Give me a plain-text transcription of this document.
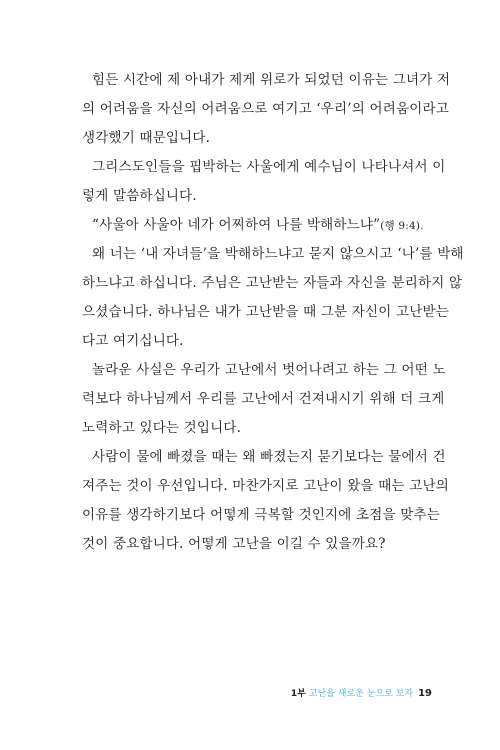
힘든 시간에 제 아내가 제게 위로가 되었던 이유는 그녀가 저
의 어려움을 자신의 어려움으로 여기고 ‘우리’의 어려움이라고
생각했기 때문입니다.
그리스도인들을 핍박하는 사울에게 예수님이 나타나셔서 이
렇게 말씀하십니다.
“사울아 사울아 네가 어찌하여 나를 박해하느냐”(행 9:4).
왜 너는 ‘내 자녀들’을 박해하느냐고 묻지 않으시고 ‘나’를 박해
하느냐고 하십니다. 주님은 고난받는 자들과 자신을 분리하지 않
으셨습니다. 하나님은 내가 고난받을 때 그분 자신이 고난받는
다고 여기십니다.
놀라운 사실은 우리가 고난에서 벗어나려고 하는 그 어떤 노
력보다 하나님께서 우리를 고난에서 건져내시기 위해 더 크게
노력하고 있다는 것입니다.
사람이 물에 빠졌을 때는 왜 빠졌는지 묻기보다는 물에서 건
져주는 것이 우선입니다. 마찬가지로 고난이 왔을 때는 고난의
이유를 생각하기보다 어떻게 극복할 것인지에 초점을 맞추는
것이 중요합니다. 어떻게 고난을 이길 수 있을까요?
1부 고난을 새로운 눈으로 보자 19
